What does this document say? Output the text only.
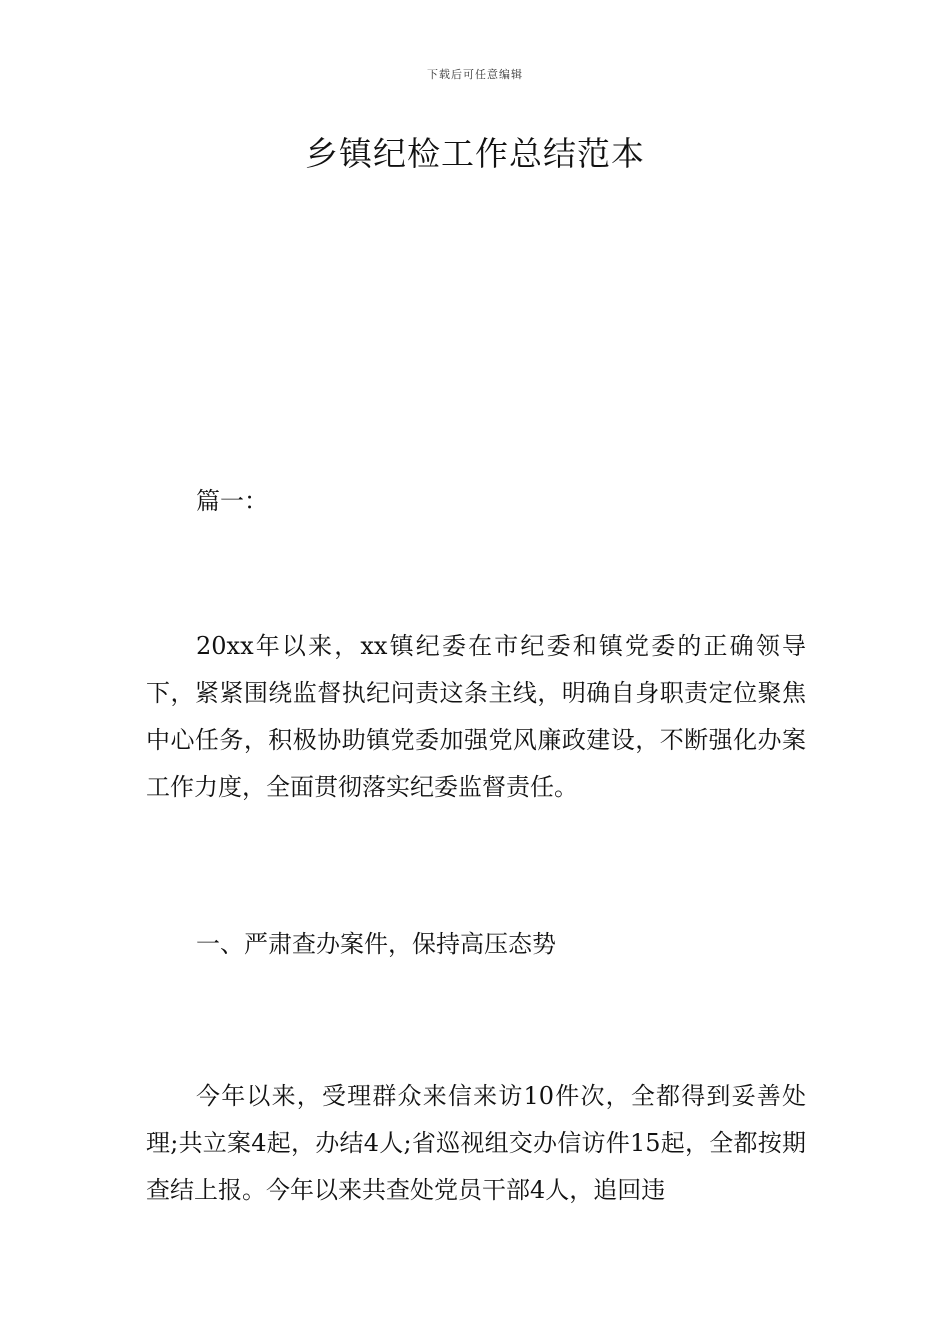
下载后可任意编辑
乡镇纪检工作总结范本

篇一：

20xx年以来，xx镇纪委在市纪委和镇党委的正确领导下，紧紧围绕监督执纪问责这条主线，明确自身职责定位聚焦中心任务，积极协助镇党委加强党风廉政建设，不断强化办案工作力度，全面贯彻落实纪委监督责任。

一、严肃查办案件，保持高压态势

今年以来，受理群众来信来访10件次，全都得到妥善处理;共立案4起，办结4人;省巡视组交办信访件15起，全都按期查结上报。今年以来共查处党员干部4人，追回违
